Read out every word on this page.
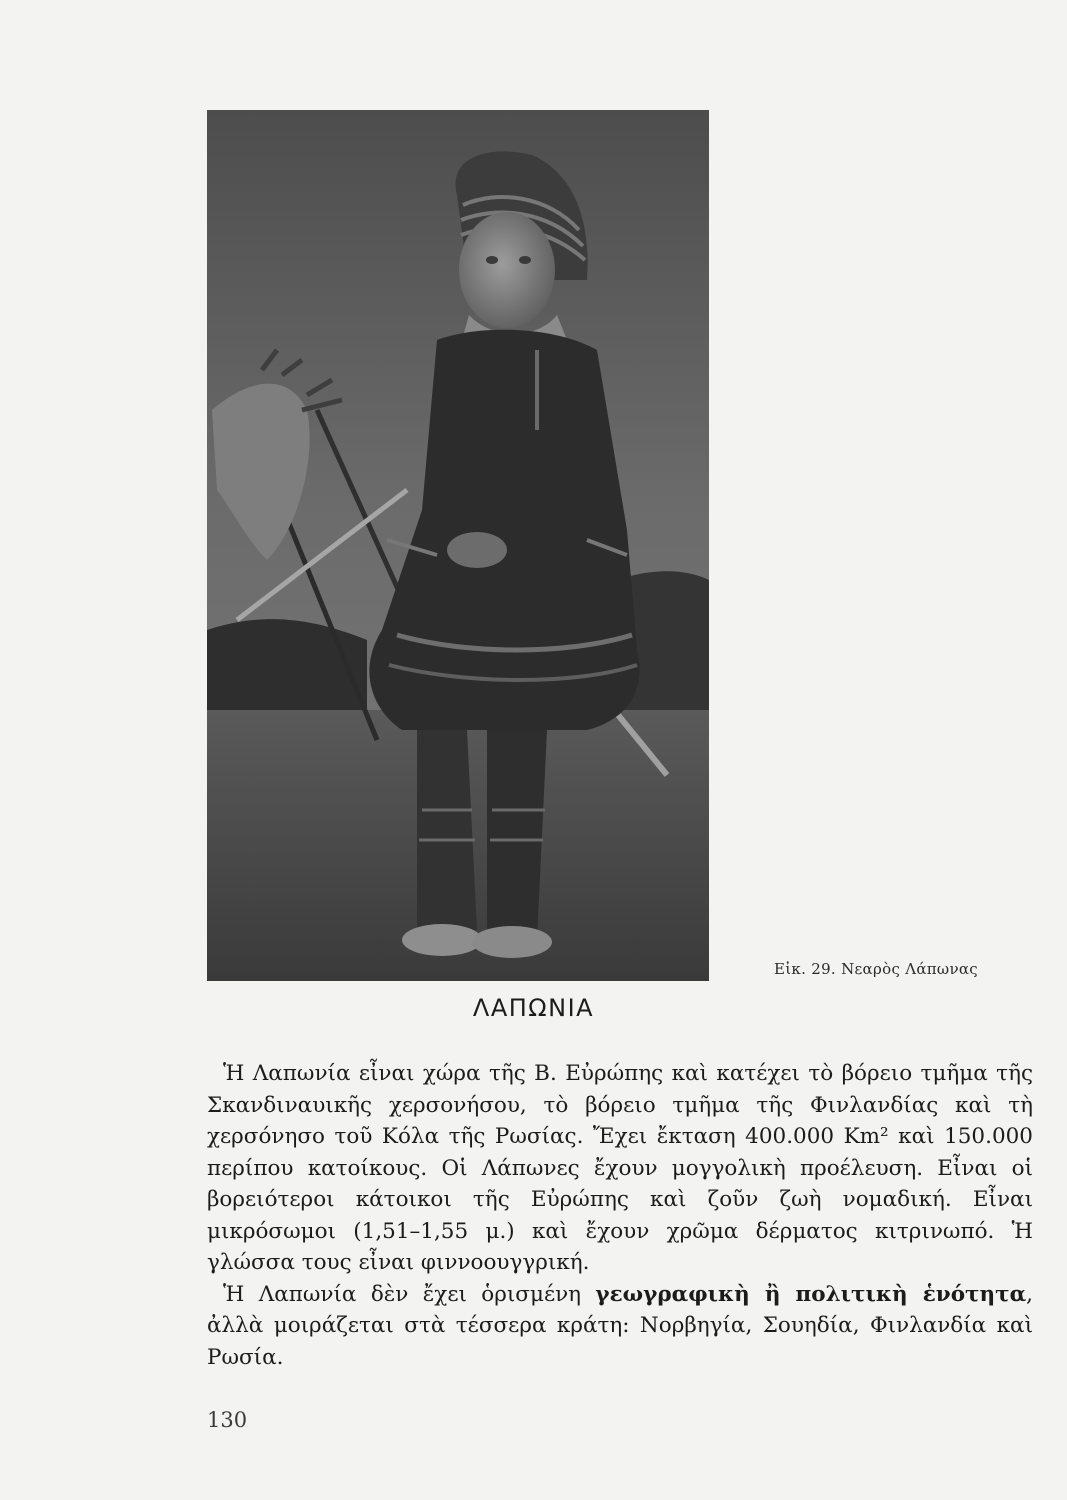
Εἰκ. 29. Νεαρὸς Λάπωνας
ΛΑΠΩΝΙΑ

Ἡ Λαπωνία εἶναι χώρα τῆς Β. Εὐρώπης καὶ κατέχει τὸ βόρειο τμῆμα τῆς Σκανδιναυικῆς χερσονήσου, τὸ βόρειο τμῆμα τῆς Φινλανδίας καὶ τὴ χερσόνησο τοῦ Κόλα τῆς Ρωσίας. Ἔχει ἔκταση 400.000 Km² καὶ 150.000 περίπου κατοίκους. Οἱ Λάπωνες ἔχουν μογγολικὴ προέλευση. Εἶναι οἱ βορειότεροι κάτοικοι τῆς Εὐρώπης καὶ ζοῦν ζωὴ νομαδική. Εἶναι μικρόσωμοι (1,51–1,55 μ.) καὶ ἔχουν χρῶμα δέρματος κιτρινωπό. Ἡ γλώσσα τους εἶναι φιννοουγγρική.

Ἡ Λαπωνία δὲν ἔχει ὁρισμένη γεωγραφικὴ ἢ πολιτικὴ ἑνότητα, ἀλλὰ μοιράζεται στὰ τέσσερα κράτη: Νορβηγία, Σουηδία, Φινλανδία καὶ Ρωσία.

130
